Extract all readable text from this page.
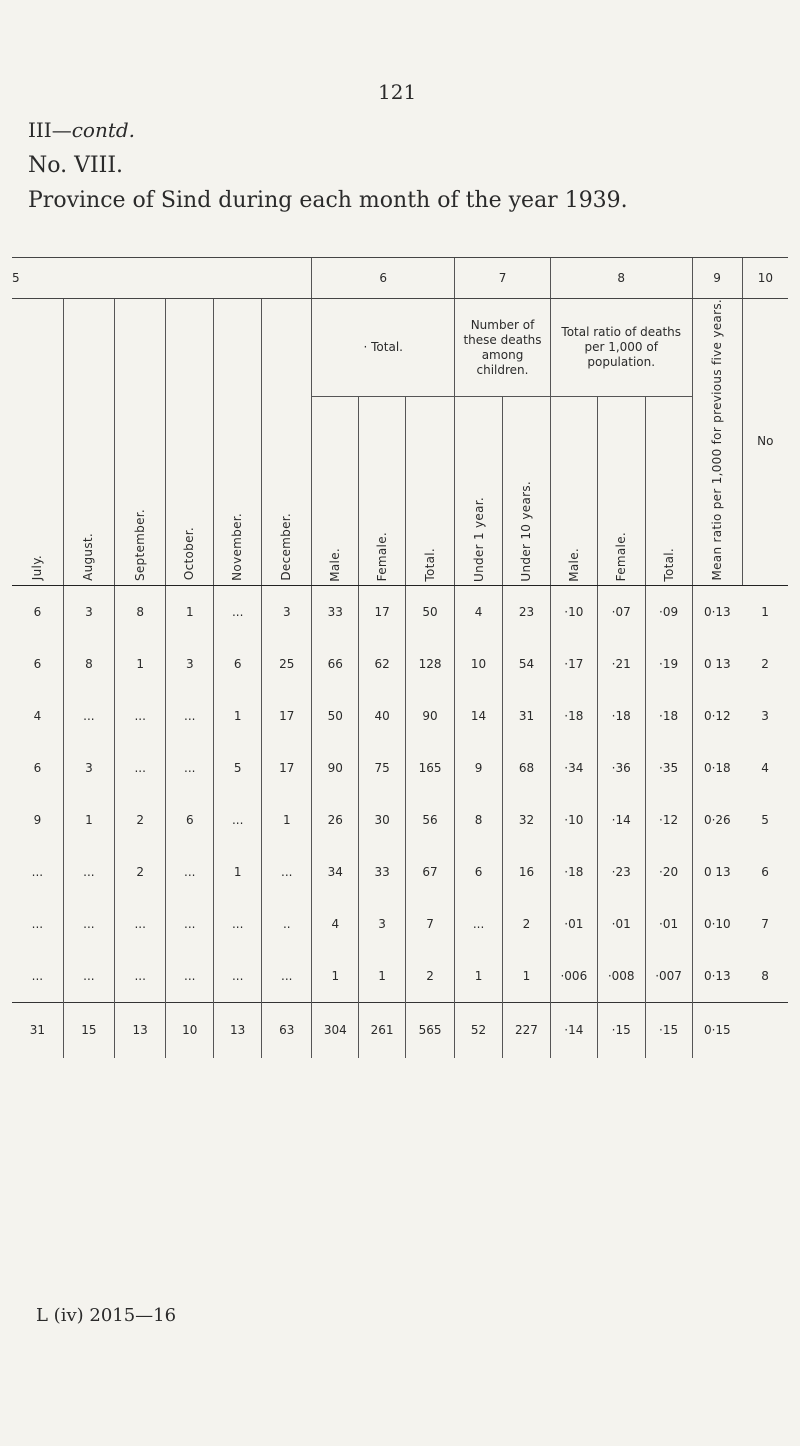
121
III—contd.
No. VIII.
Province of Sind during each month of the year 1939.
5						6			7		8			9	10
July.	August.	September.	October.	November.	December.	· Total.			Number of these deaths among children.		Total ratio of deaths per 1,000 of population.			Mean ratio per 1,000 for previous five years.	No
						Male.	Female.	Total.	Under 1 year.	Under 10 years.	Male.	Female.	Total.		
6	3	8	1	...	3	33	17	50	4	23	·10	·07	·09	0·13	1
6	8	1	3	6	25	66	62	128	10	54	·17	·21	·19	0 13	2
4	...	...	...	1	17	50	40	90	14	31	·18	·18	·18	0·12	3
6	3	...	...	5	17	90	75	165	9	68	·34	·36	·35	0·18	4
9	1	2	6	...	1	26	30	56	8	32	·10	·14	·12	0·26	5
...	...	2	...	1	...	34	33	67	6	16	·18	·23	·20	0 13	6
...	...	...	...	...	..	4	3	7	...	2	·01	·01	·01	0·10	7
...	...	...	...	...	...	1	1	2	1	1	·006	·008	·007	0·13	8
31	15	13	10	13	63	304	261	565	52	227	·14	·15	·15	0·15	
L (iv) 2015—16
